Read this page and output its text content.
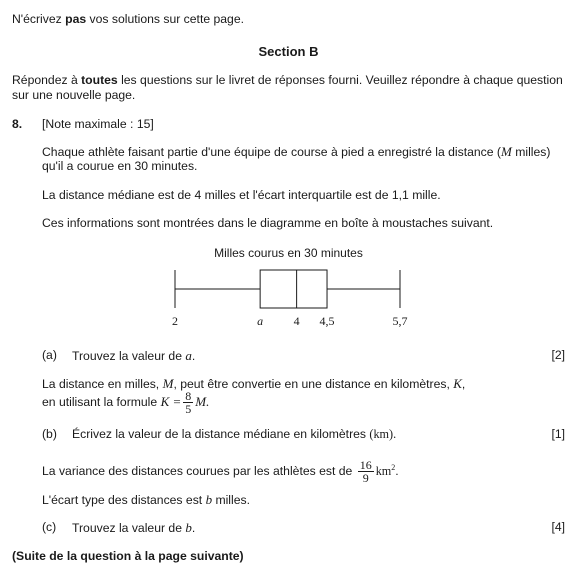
N'écrivez pas vos solutions sur cette page.
Section B
Répondez à toutes les questions sur le livret de réponses fourni. Veuillez répondre à chaque question
sur une nouvelle page.
8. [Note maximale : 15]
Chaque athlète faisant partie d'une équipe de course à pied a enregistré la distance (M milles)
qu'il a courue en 30 minutes.
La distance médiane est de 4 milles et l'écart interquartile est de 1,1 mille.
Ces informations sont montrées dans le diagramme en boîte à moustaches suivant.
Milles courus en 30 minutes
2	a	4 4,5	5,7
(a) Trouvez la valeur de a.	[2]
La distance en milles, M, peut être convertie en une distance en kilomètres, K,
en utilisant la formule $K = \frac{8}{5} M$.
(b) Écrivez la valeur de la distance médiane en kilomètres (km).	[1]
La variance des distances courues par les athlètes est de $\frac{16}{9} km^2$.
L'écart type des distances est b milles.
(c) Trouvez la valeur de b.	[4]
(Suite de la question à la page suivante)
